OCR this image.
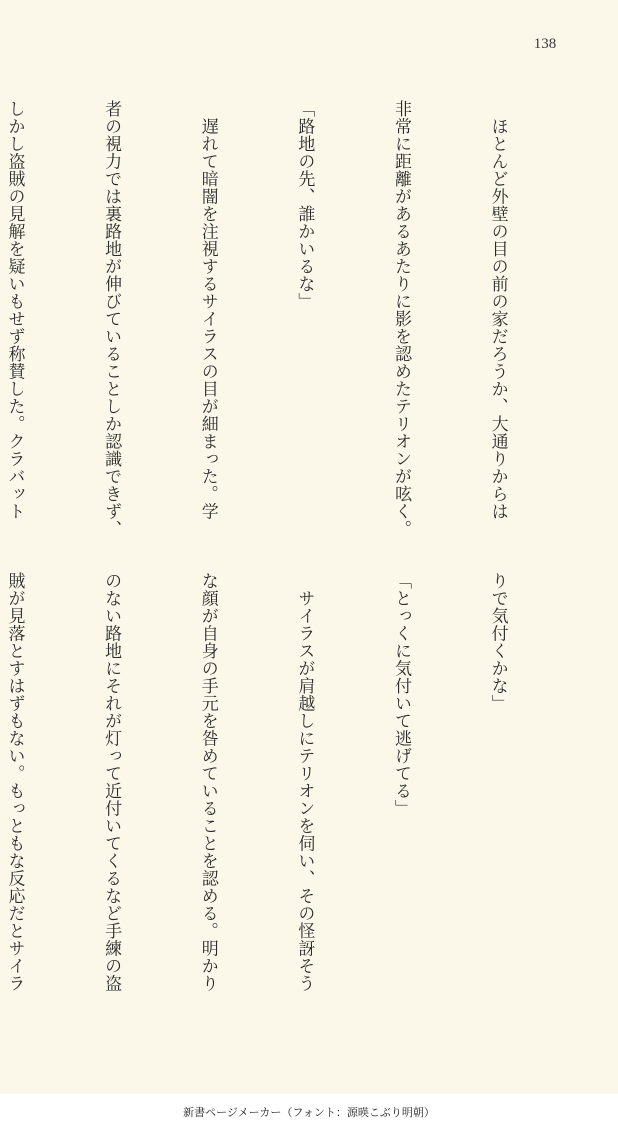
138

　ほとんど外壁の目の前の家だろうか、大通りからは

非常に距離があるあたりに影を認めたテリオンが呟く。

「路地の先、誰かいるな」

　遅れて暗闇を注視するサイラスの目が細まった。学

者の視力では裏路地が伸びていることしか認識できず、

しかし盗賊の見解を疑いもせず称賛した。クラバット

りで気付くかな」

「とっくに気付いて逃げてる」

　サイラスが肩越しにテリオンを伺い、その怪訝そう

な顔が自身の手元を咎めていることを認める。明かり

のない路地にそれが灯って近付いてくるなど手練の盗

賊が見落とすはずもない。もっともな反応だとサイラ

新書ページメーカー（フォント：源暎こぶり明朝）
